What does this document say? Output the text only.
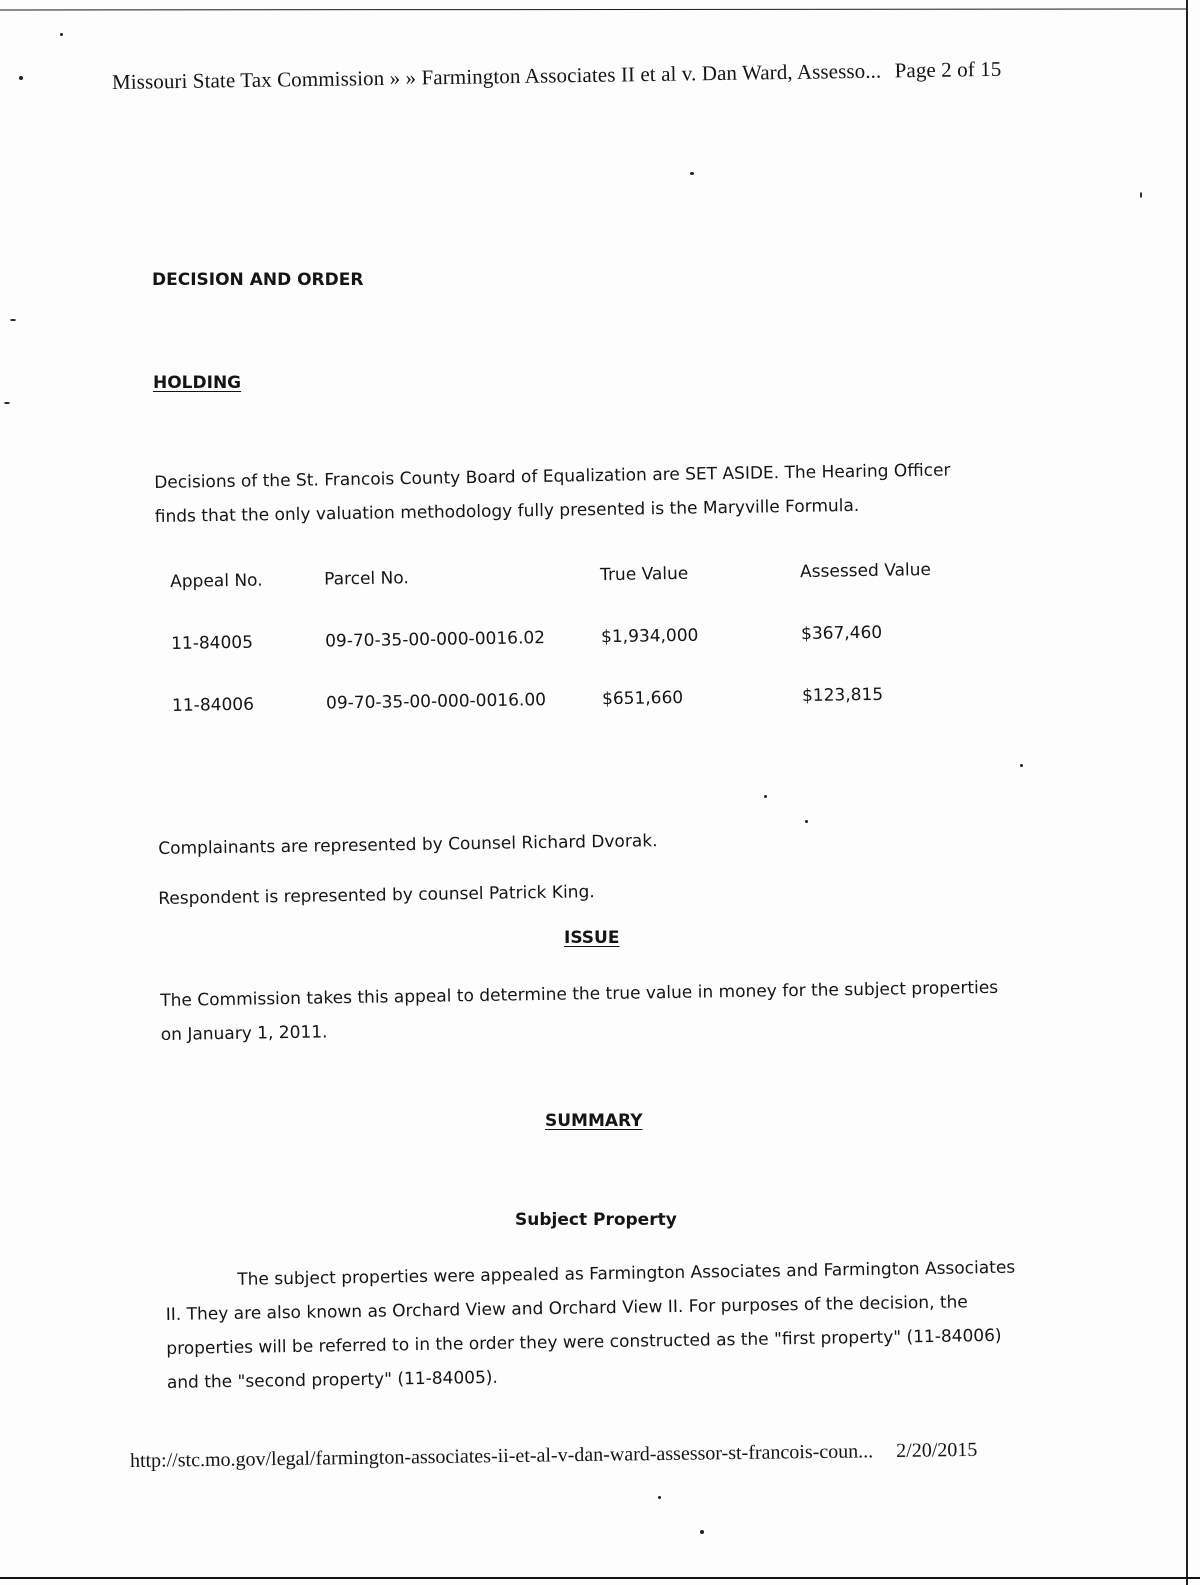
Missouri State Tax Commission » » Farmington Associates II et al v. Dan Ward, Assesso... Page 2 of 15
DECISION AND ORDER
HOLDING
Decisions of the St. Francois County Board of Equalization are SET ASIDE. The Hearing Officer
finds that the only valuation methodology fully presented is the Maryville Formula.
Appeal No.	Parcel No.	True Value	Assessed Value
11-84005	09-70-35-00-000-0016.02	$1,934,000	$367,460
11-84006	09-70-35-00-000-0016.00	$651,660	$123,815
Complainants are represented by Counsel Richard Dvorak.
Respondent is represented by counsel Patrick King.
ISSUE
The Commission takes this appeal to determine the true value in money for the subject properties
on January 1, 2011.
SUMMARY
Subject Property
The subject properties were appealed as Farmington Associates and Farmington Associates
II. They are also known as Orchard View and Orchard View II. For purposes of the decision, the
properties will be referred to in the order they were constructed as the "first property" (11-84006)
and the "second property" (11-84005).
http://stc.mo.gov/legal/farmington-associates-ii-et-al-v-dan-ward-assessor-st-francois-coun... 2/20/2015
